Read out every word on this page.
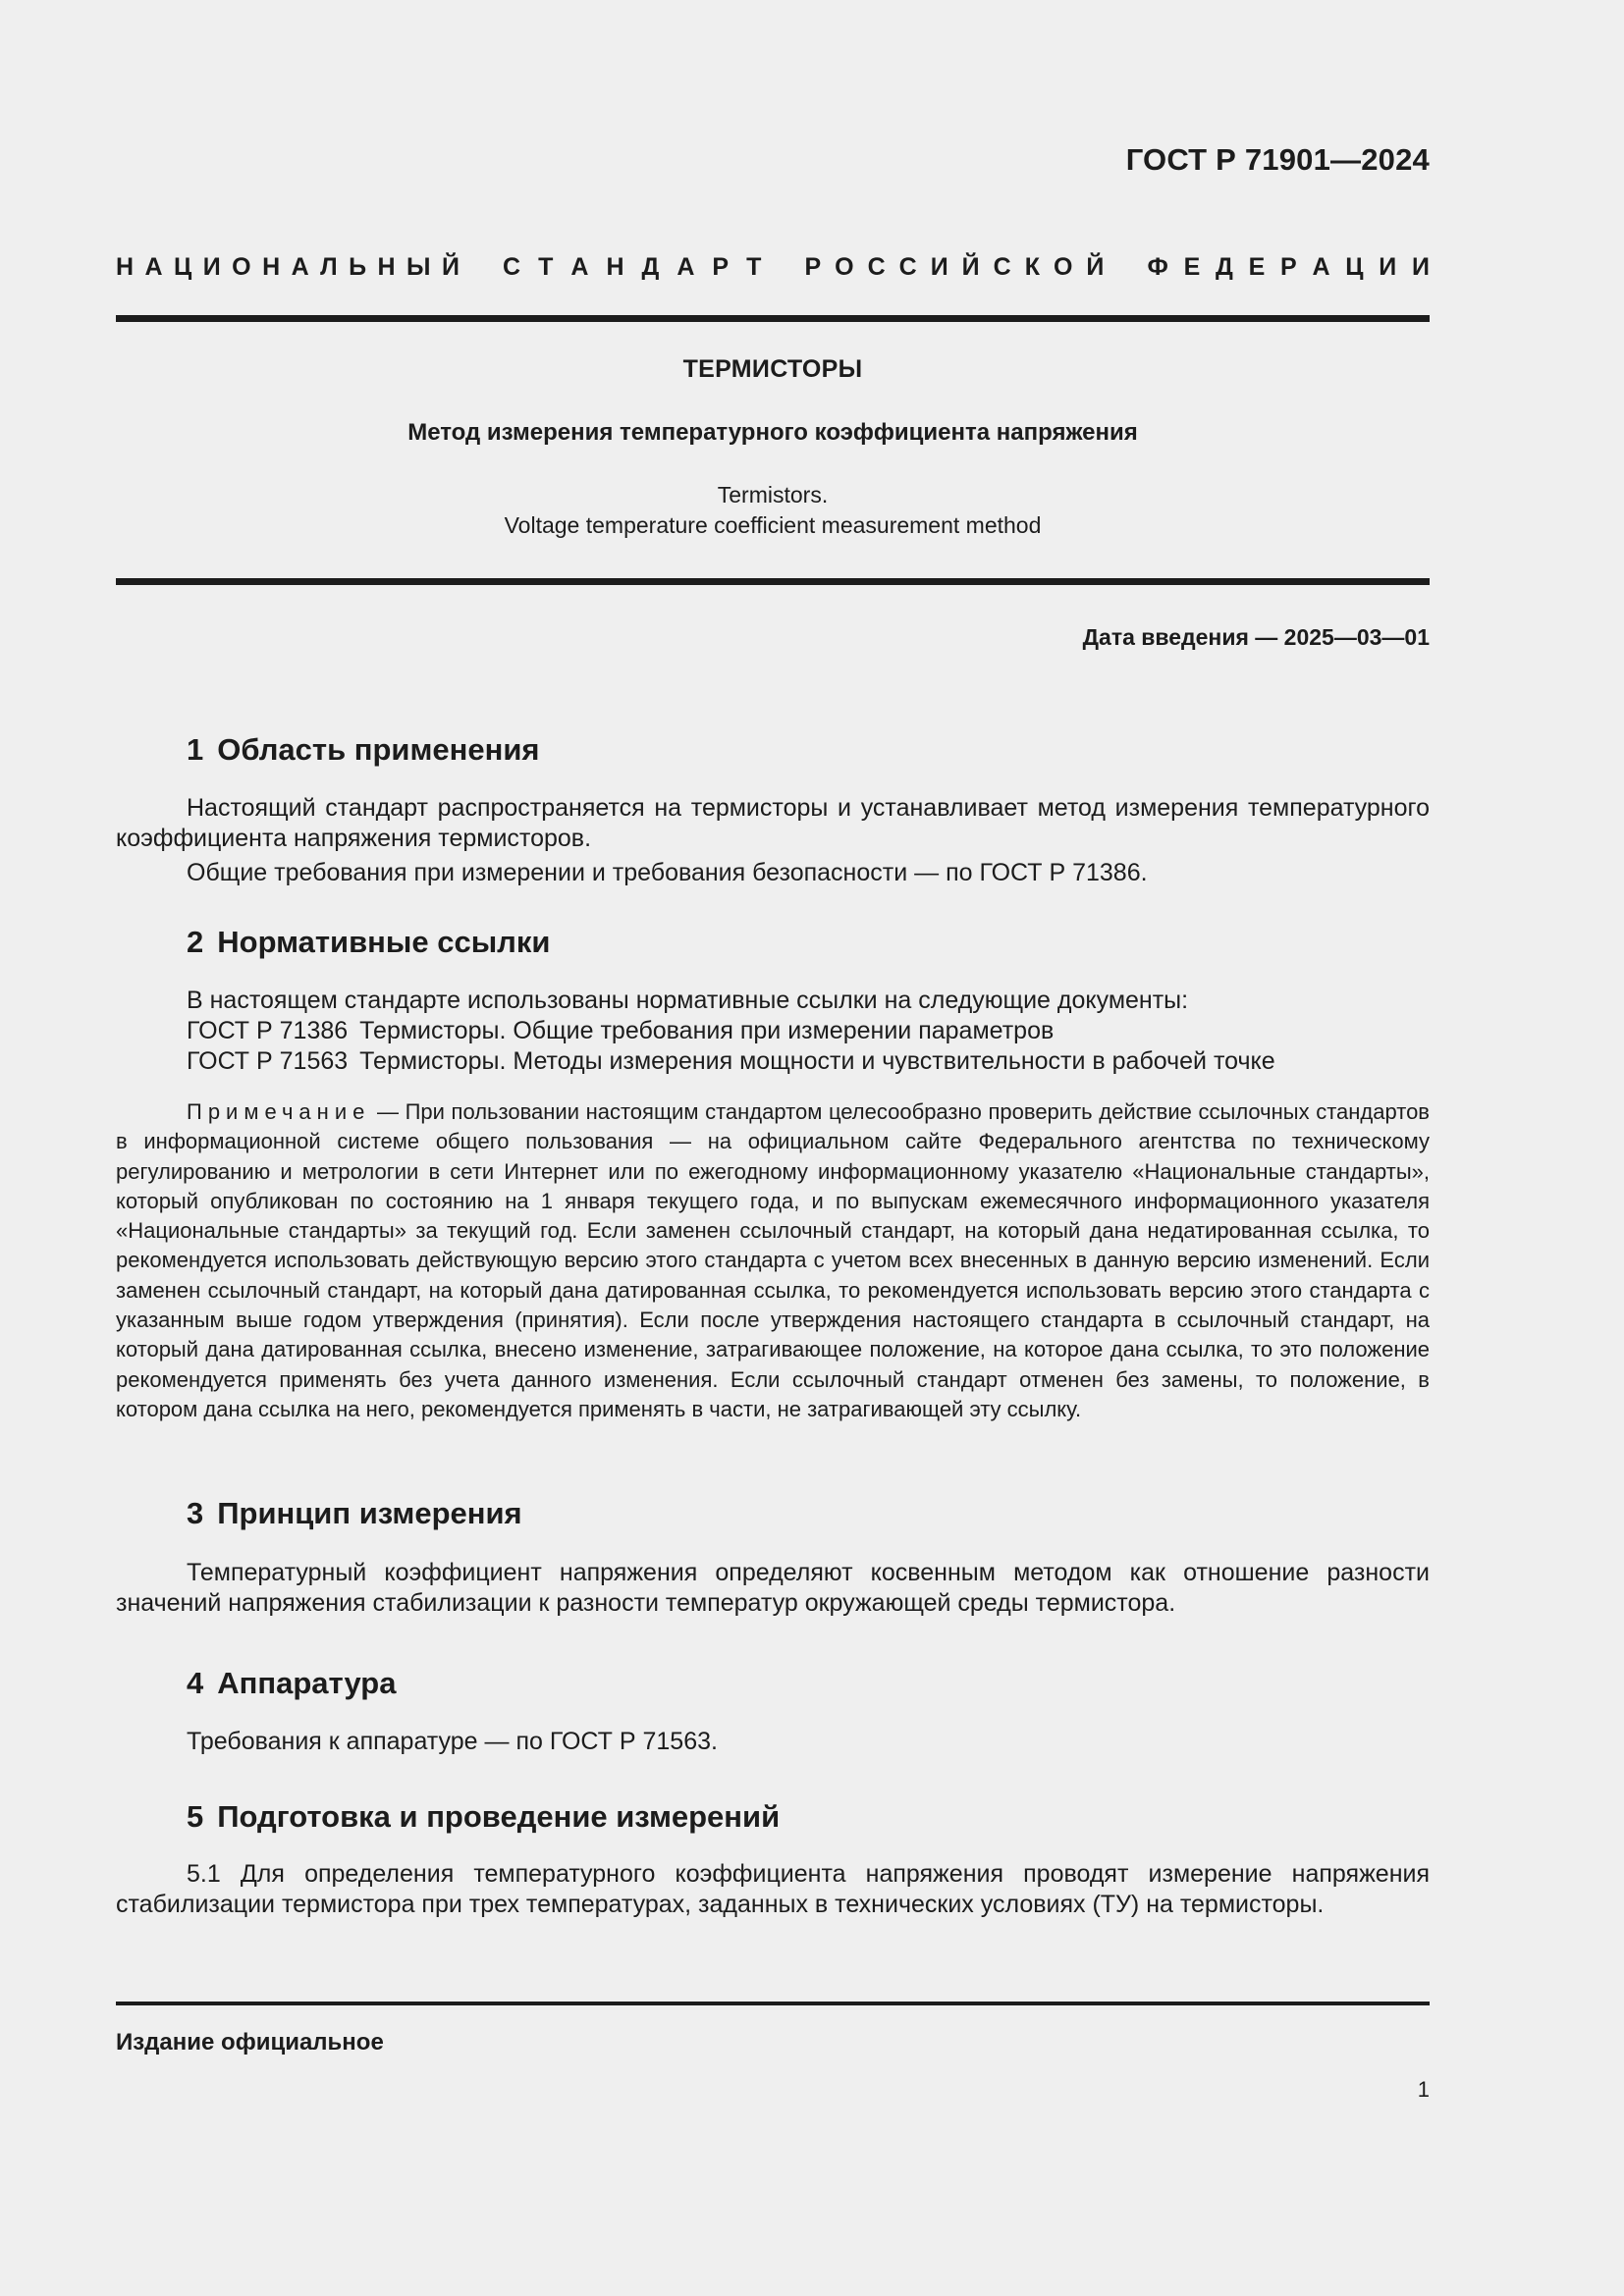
ГОСТ Р 71901—2024
Н А Ц И О Н А Л Ь Н Ы Й С Т А Н Д А Р Т Р О С С И Й С К О Й Ф Е Д Е Р А Ц И И
ТЕРМИСТОРЫ
Метод измерения температурного коэффициента напряжения
Termistors.
Voltage temperature coefficient measurement method
Дата введения — 2025—03—01
1 Область применения
Настоящий стандарт распространяется на термисторы и устанавливает метод измерения температурного коэффициента напряжения термисторов.
Общие требования при измерении и требования безопасности — по ГОСТ Р 71386.
2 Нормативные ссылки
В настоящем стандарте использованы нормативные ссылки на следующие документы:
ГОСТ Р 71386 Термисторы. Общие требования при измерении параметров
ГОСТ Р 71563 Термисторы. Методы измерения мощности и чувствительности в рабочей точке
Примечание — При пользовании настоящим стандартом целесообразно проверить действие ссылочных стандартов в информационной системе общего пользования — на официальном сайте Федерального агентства по техническому регулированию и метрологии в сети Интернет или по ежегодному информационному указателю «Национальные стандарты», который опубликован по состоянию на 1 января текущего года, и по выпускам ежемесячного информационного указателя «Национальные стандарты» за текущий год. Если заменен ссылочный стандарт, на который дана недатированная ссылка, то рекомендуется использовать действующую версию этого стандарта с учетом всех внесенных в данную версию изменений. Если заменен ссылочный стандарт, на который дана датированная ссылка, то рекомендуется использовать версию этого стандарта с указанным выше годом утверждения (принятия). Если после утверждения настоящего стандарта в ссылочный стандарт, на который дана датированная ссылка, внесено изменение, затрагивающее положение, на которое дана ссылка, то это положение рекомендуется применять без учета данного изменения. Если ссылочный стандарт отменен без замены, то положение, в котором дана ссылка на него, рекомендуется применять в части, не затрагивающей эту ссылку.
3 Принцип измерения
Температурный коэффициент напряжения определяют косвенным методом как отношение разности значений напряжения стабилизации к разности температур окружающей среды термистора.
4 Аппаратура
Требования к аппаратуре — по ГОСТ Р 71563.
5 Подготовка и проведение измерений
5.1 Для определения температурного коэффициента напряжения проводят измерение напряжения стабилизации термистора при трех температурах, заданных в технических условиях (ТУ) на термисторы.
Издание официальное
1
